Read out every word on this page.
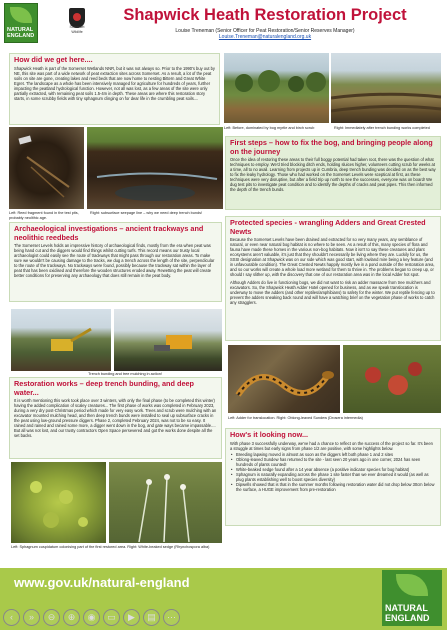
NATURAL
ENGLAND
Somerset Wildlife
Shapwick Heath Restoration Project
Louise Treneman (Senior Officer for Peat Restoration/Senior Reserves Manager)
Louise.Treneman@naturalengland.org.uk
How did we get here....

Shapwick Heath is part of the Somerset Wetlands NNR, but it was not always so. Prior to the 1990's buy out by NE, this site was part of a wide network of peat extraction sites across Somerset. As a result, a lot of the peat soils on site are gone, creating lakes and reed beds that are now home to nesting Bittern and Great White Egret. The landscape as a whole has been intensively managed for agriculture for hundreds of years, further impacting the peatland hydrological function. However, not all was lost, as a few areas of the site were only partially extracted, with remaining peat soils 1.5-4m in depth. These areas are where this restoration story starts, in some scrubby fields with tiny sphagnum clinging on for dear life in the crumbling peat soils....

Left: Before, dominated by bog myrtle and birch scrub	Right: Immediately after trench bunding works completed
Left: Reed fragment found in the test pits, probably neolithic age.
Right: subsurface seepage line – why we need deep trench bunds!
First steps – how to fix the bog, and bringing people along on the journey

Once the idea of restoring these areas to their full boggy potential had taken root, there was the question of what techniques to employ. We'd tried blocking ditch ends, holding sluices higher, volunteers cutting scrub for weeks at a time, all to no avail. Learning from projects up in Cumbria, deep trench bunding was decided on as the best way to fix the leaky hydrology. Those who had worked on the Somerset Levels were sceptical at first, as these techniques were very disruptive, but after a field trip up north to see the successes, everyone was on board! We dug test pits to investigate peat condition and to identify the depths of cracks and peat pipes. This then informed the depth of the trench bunds.

Archaeological investigations – ancient trackways and neolithic reedbeds

The Somerset Levels holds an impressive history of archaeological finds, mostly from the era when peat was being hand cut and the diggers would find things whilst cutting turfs. This record means our trusty local archaeologist could easily see the route of trackways that might pass through our restoration areas. To make sure we wouldn't be causing damage to the tracks, we dug a trench across the length of the site, perpendicular to the route of the trackways. No trackways were found, possibly because the trackway sat within the layer of peat that has been oxidised and therefore the wooden structures eroded away. Rewetting the peat will create better conditions for preserving any archaeology that does still remain in the peat body.

Protected species - wrangling Adders and Great Crested Newts

Because the Somerset Levels have been drained and extracted for so very many years, any semblance of natural, or even near natural bog habitat is no where to be seen. As a result of this, many species of flora and fauna have made these homes in the various non-bog habitats. Now it isn't to say these creatures and plant ecosystems aren't valuable, it's just that they shouldn't necessarily be living where they are. Luckily for us, the SSSI designation at Shapwick was on our side which was good start, with lowland mire being a key feature (and in unfavourable condition). The Great Crested Newts happily mostly live in a pond outside of the restoration area, and so our works will create a whole load more wetland for them to thrive in. The problems began to creep up, or should I say slither up, with the discovery that one of our restoration area was in the local Adder hot spot.

Although Adders do live in functioning bogs, we did not want to risk an adder massacre from tree mulchers and excavators. So, the Shapwick Heath Adder Hotel opened for business, and as we speak translocation is underway to move the adders (and other reptiles/amphibians) to safety for the winter. We put reptile fencing up to prevent the adders sneaking back round and will have a watching brief on the vegetation phase of works to catch any stragglers.

Trench bunding and tree mulching in action!
Left: Adder for translocation. Right: Oblong-leaved Sundew (Drosera intermedia)
Restoration works – deep trench bunding, and deep water...

It is worth mentioning this work took place over 3 winters, with only the final phase (to be completed this winter) having the added complication of scaley creatures... The first phase of works was completed in February 2023, during a very dry post-Christmas period which made for very easy work. Trees and scrub were mulching with an excavator mounted mulching head, and then deep trench bunds were installed to seal up subsurface cracks in the peat using low-ground pressure diggers. Phase 2, completed February 2024, was not to be so easy. It rained and rained and rained some more, a digger went down in the bog, and gate ways became impassable.... But all was not lost, and our trusty contractors Open Space persevered and got the works done despite all the set backs.	How's it looking now...

With phase 3 successfully underway, we've had a chance to reflect on the success of the project so far. It's been a struggle at times but early signs from phase 1/2 are positive, with some highlights below.

• Breeding lapwing moved in almost as soon as the diggers left both phase 1 and 2 sites
• Oblong-leaved Sundew has returned to the site - last seen 20 years ago in one corner, 2024 has seen hundreds of plants counted!
• White-beaked sedge found after a 14 year absence (a positive indicator species for bog habitat)
• Sphagnum is naturally expanding across the phase 1 site faster than we ever dreamed it would (as well as plug plants establishing well to boost species diversity)
• Dipwells showed that is that in the summer months following restoration water did not drop below 30cm below the surface, a HUGE improvement from pre-restoration
Left: Sphagnum cuspidatum colonising part of the first restored area. Right: White-beaked sedge (Rhynchospora alba)
www.gov.uk/natural-england
NATURAL
ENGLAND
‹	»	⊖	⊕	◉	▭	▶	▤	⋯
